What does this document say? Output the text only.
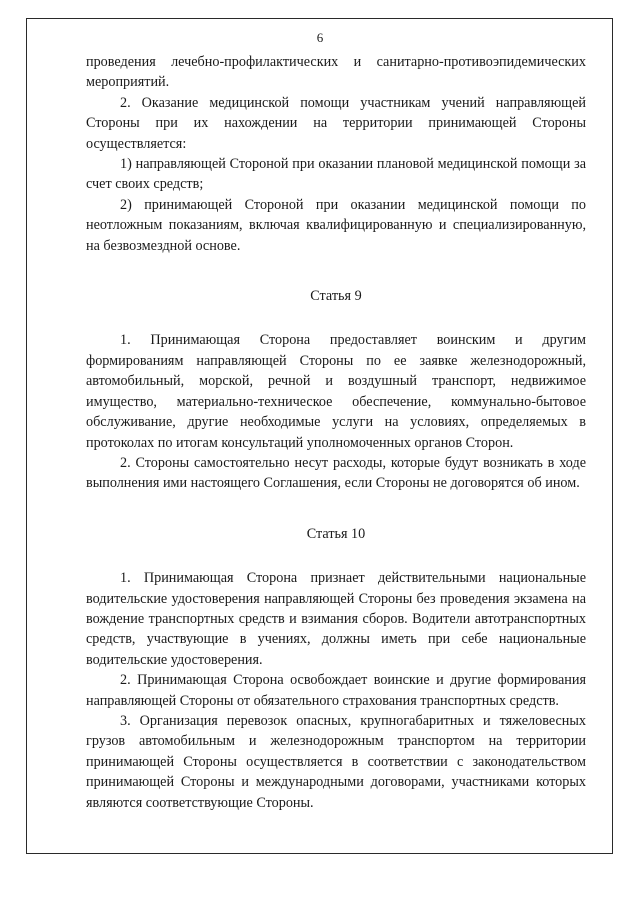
6

проведения лечебно-профилактических и санитарно-противоэпидемических мероприятий.

2. Оказание медицинской помощи участникам учений направляющей Стороны при их нахождении на территории принимающей Стороны осуществляется:

1) направляющей Стороной при оказании плановой медицинской помощи за счет своих средств;

2) принимающей Стороной при оказании медицинской помощи по неотложным показаниям, включая квалифицированную и специализированную, на безвозмездной основе.

Статья 9

1. Принимающая Сторона предоставляет воинским и другим формированиям направляющей Стороны по ее заявке железнодорожный, автомобильный, морской, речной и воздушный транспорт, недвижимое имущество, материально-техническое обеспечение, коммунально-бытовое обслуживание, другие необходимые услуги на условиях, определяемых в протоколах по итогам консультаций уполномоченных органов Сторон.

2. Стороны самостоятельно несут расходы, которые будут возникать в ходе выполнения ими настоящего Соглашения, если Стороны не договорятся об ином.

Статья 10

1. Принимающая Сторона признает действительными национальные водительские удостоверения направляющей Стороны без проведения экзамена на вождение транспортных средств и взимания сборов. Водители автотранспортных средств, участвующие в учениях, должны иметь при себе национальные водительские удостоверения.

2. Принимающая Сторона освобождает воинские и другие формирования направляющей Стороны от обязательного страхования транспортных средств.

3. Организация перевозок опасных, крупногабаритных и тяжеловесных грузов автомобильным и железнодорожным транспортом на территории принимающей Стороны осуществляется в соответствии с законодательством принимающей Стороны и международными договорами, участниками которых являются соответствующие Стороны.
